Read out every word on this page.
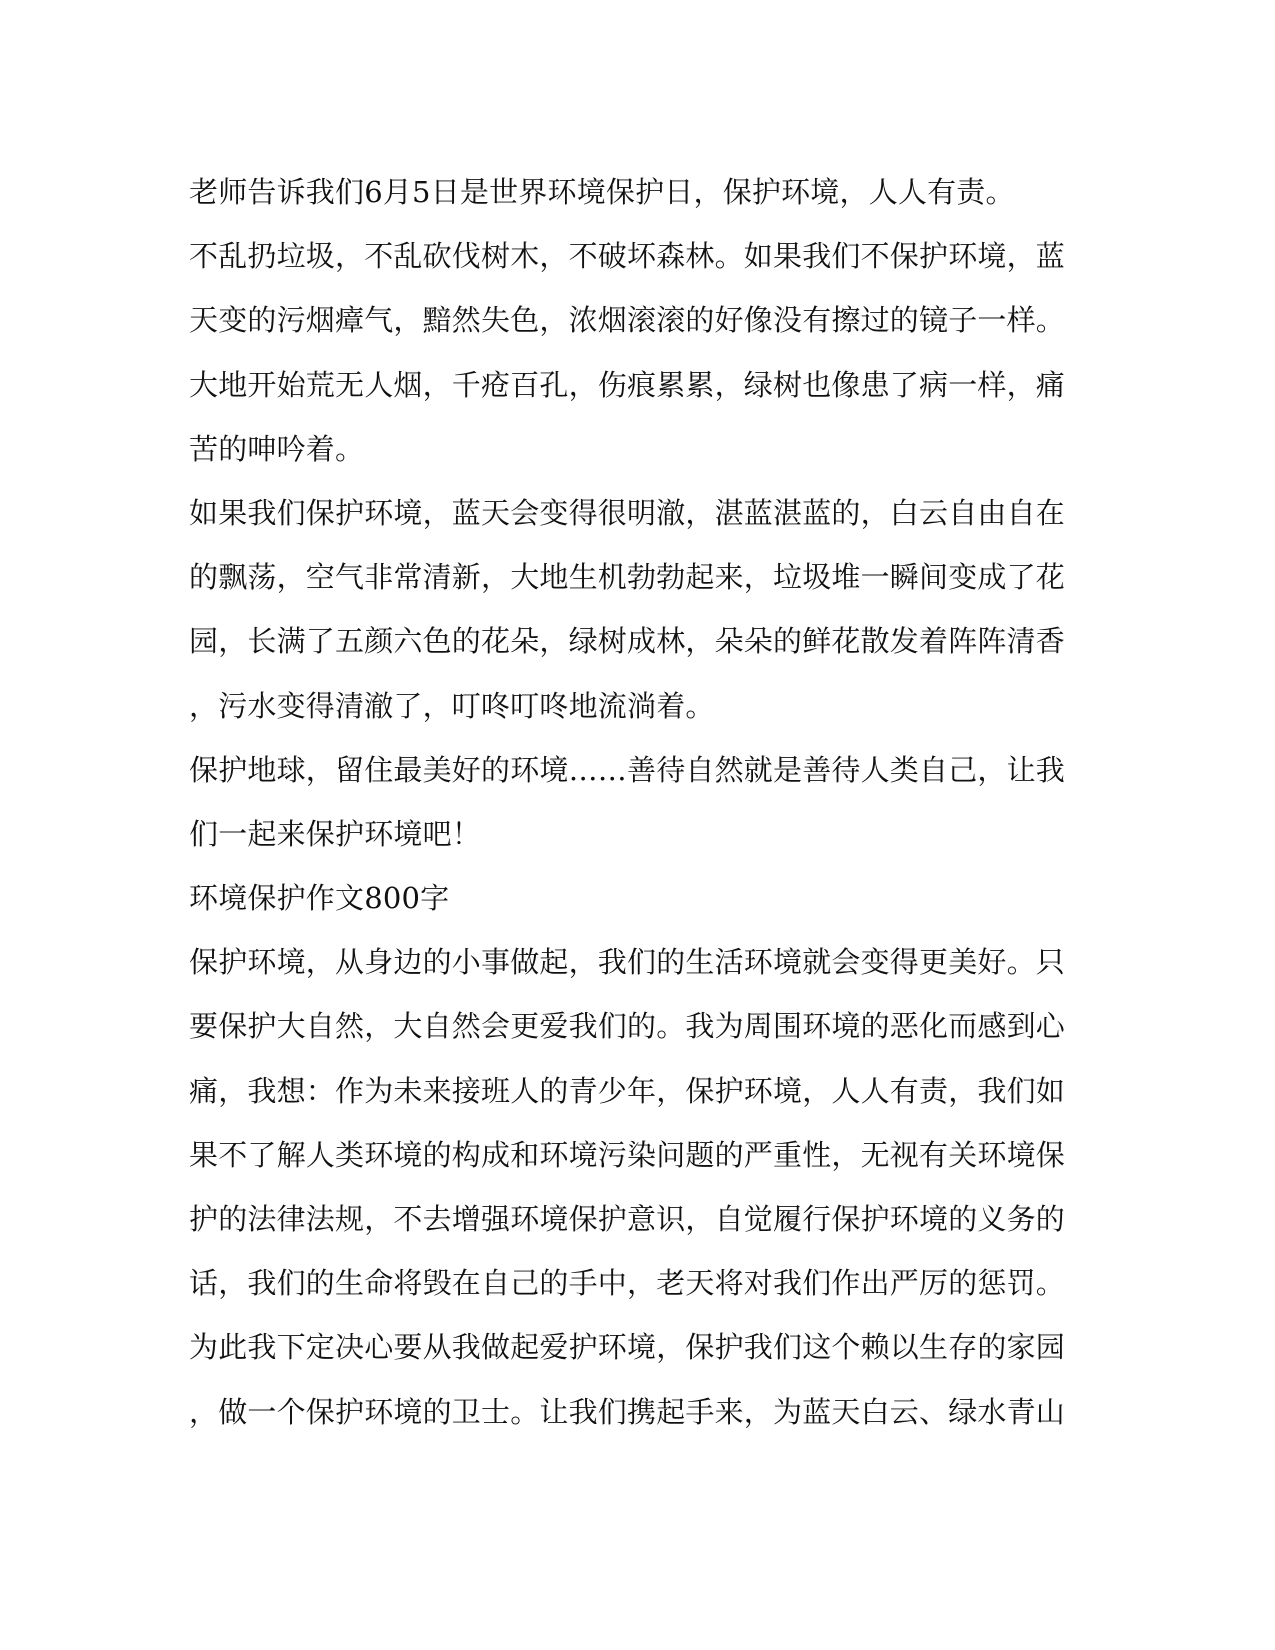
老师告诉我们6月5日是世界环境保护日，保护环境，人人有责。
不乱扔垃圾，不乱砍伐树木，不破坏森林。如果我们不保护环境，蓝
天变的污烟瘴气，黯然失色，浓烟滚滚的好像没有擦过的镜子一样。
大地开始荒无人烟，千疮百孔，伤痕累累，绿树也像患了病一样，痛
苦的呻吟着。
如果我们保护环境，蓝天会变得很明澈，湛蓝湛蓝的，白云自由自在
的飘荡，空气非常清新，大地生机勃勃起来，垃圾堆一瞬间变成了花
园，长满了五颜六色的花朵，绿树成林，朵朵的鲜花散发着阵阵清香
，污水变得清澈了，叮咚叮咚地流淌着。
保护地球，留住最美好的环境……善待自然就是善待人类自己，让我
们一起来保护环境吧！
环境保护作文800字
保护环境，从身边的小事做起，我们的生活环境就会变得更美好。只
要保护大自然，大自然会更爱我们的。我为周围环境的恶化而感到心
痛，我想：作为未来接班人的青少年，保护环境，人人有责，我们如
果不了解人类环境的构成和环境污染问题的严重性，无视有关环境保
护的法律法规，不去增强环境保护意识，自觉履行保护环境的义务的
话，我们的生命将毁在自己的手中，老天将对我们作出严厉的惩罚。
为此我下定决心要从我做起爱护环境，保护我们这个赖以生存的家园
，做一个保护环境的卫士。让我们携起手来，为蓝天白云、绿水青山
